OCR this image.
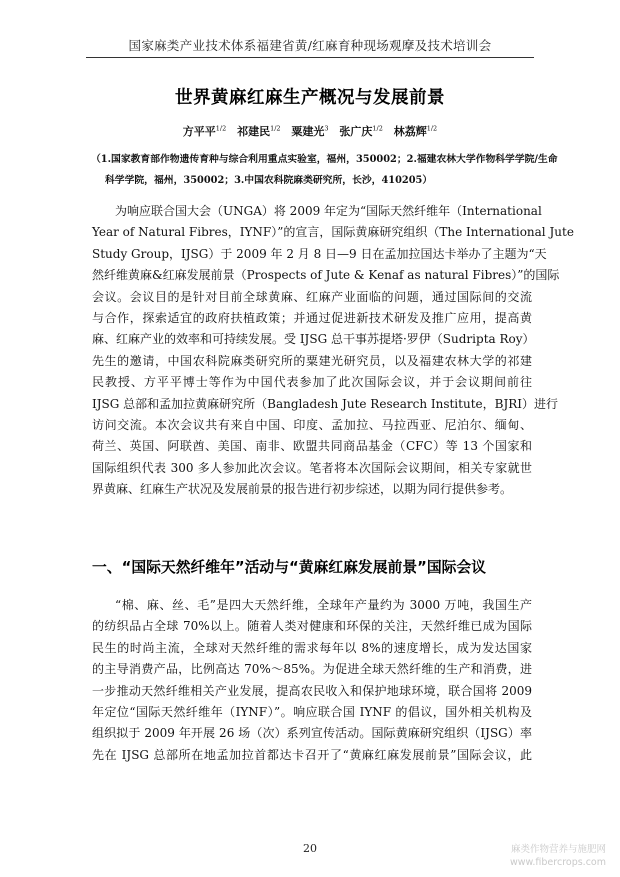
国家麻类产业技术体系福建省黄/红麻育种现场观摩及技术培训会
世界黄麻红麻生产概况与发展前景
方平平$^{1/2}$ 祁建民$^{1/2}$ 粟建光$^3$ 张广庆$^{1/2}$ 林荔辉$^{1/2}$
（1.国家教育部作物遗传育种与综合利用重点实验室，福州，350002；2.福建农林大学作物科学学院/生命
科学学院，福州，350002；3.中国农科院麻类研究所，长沙，410205）
为响应联合国大会（UNGA）将 2009 年定为“国际天然纤维年（International
Year of Natural Fibres，IYNF）”的宣言，国际黄麻研究组织（The International Jute
Study Group，IJSG）于 2009 年 2 月 8 日—9 日在孟加拉国达卡举办了主题为“天
然纤维黄麻&红麻发展前景（Prospects of Jute & Kenaf as natural Fibres）”的国际
会议。会议目的是针对目前全球黄麻、红麻产业面临的问题，通过国际间的交流
与合作，探索适宜的政府扶植政策；并通过促进新技术研发及推广应用，提高黄
麻、红麻产业的效率和可持续发展。受 IJSG 总干事苏提塔·罗伊（Sudripta Roy）
先生的邀请，中国农科院麻类研究所的粟建光研究员，以及福建农林大学的祁建
民教授、方平平博士等作为中国代表参加了此次国际会议，并于会议期间前往
IJSG 总部和孟加拉黄麻研究所（Bangladesh Jute Research Institute，BJRI）进行
访问交流。本次会议共有来自中国、印度、孟加拉、马拉西亚、尼泊尔、缅甸、
荷兰、英国、阿联酋、美国、南非、欧盟共同商品基金（CFC）等 13 个国家和
国际组织代表 300 多人参加此次会议。笔者将本次国际会议期间，相关专家就世
界黄麻、红麻生产状况及发展前景的报告进行初步综述，以期为同行提供参考。
一、“国际天然纤维年”活动与“黄麻红麻发展前景”国际会议
“棉、麻、丝、毛”是四大天然纤维，全球年产量约为 3000 万吨，我国生产
的纺织品占全球 70%以上。随着人类对健康和环保的关注，天然纤维已成为国际
民生的时尚主流，全球对天然纤维的需求每年以 8%的速度增长，成为发达国家
的主导消费产品，比例高达 70%～85%。为促进全球天然纤维的生产和消费，进
一步推动天然纤维相关产业发展，提高农民收入和保护地球环境，联合国将 2009
年定位“国际天然纤维年（IYNF）”。响应联合国 IYNF 的倡议，国外相关机构及
组织拟于 2009 年开展 26 场（次）系列宣传活动。国际黄麻研究组织（IJSG）率
先在 IJSG 总部所在地孟加拉首都达卡召开了“黄麻红麻发展前景”国际会议，此
20	麻类作物营养与施肥网
www.fibercrops.com
